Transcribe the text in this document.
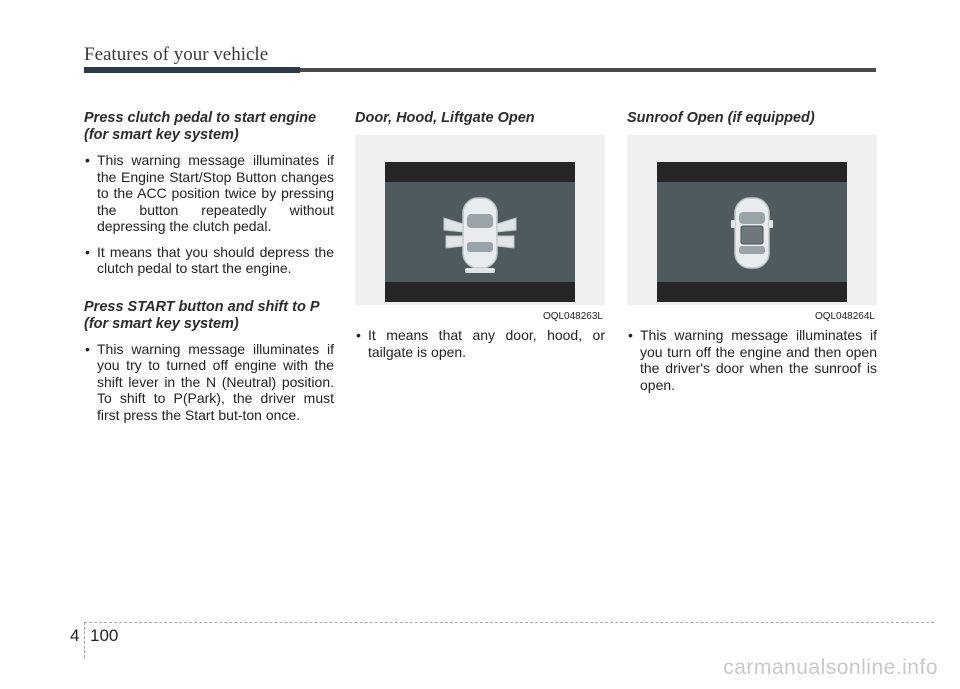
Features of your vehicle
Press clutch pedal to start engine (for smart key system)
• This warning message illuminates if the Engine Start/Stop Button changes to the ACC position twice by pressing the button repeatedly without depressing the clutch pedal.
• It means that you should depress the clutch pedal to start the engine.
Press START button and shift to P (for smart key system)
• This warning message illuminates if you try to turned off engine with the shift lever in the N (Neutral) position. To shift to P(Park), the driver must first press the Start but-ton once.
Door, Hood, Liftgate Open
OQL048263L
• It means that any door, hood, or tailgate is open.
Sunroof Open (if equipped)
OQL048264L
• This warning message illuminates if you turn off the engine and then open the driver's door when the sunroof is open.
4 100
carmanualsonline.info
